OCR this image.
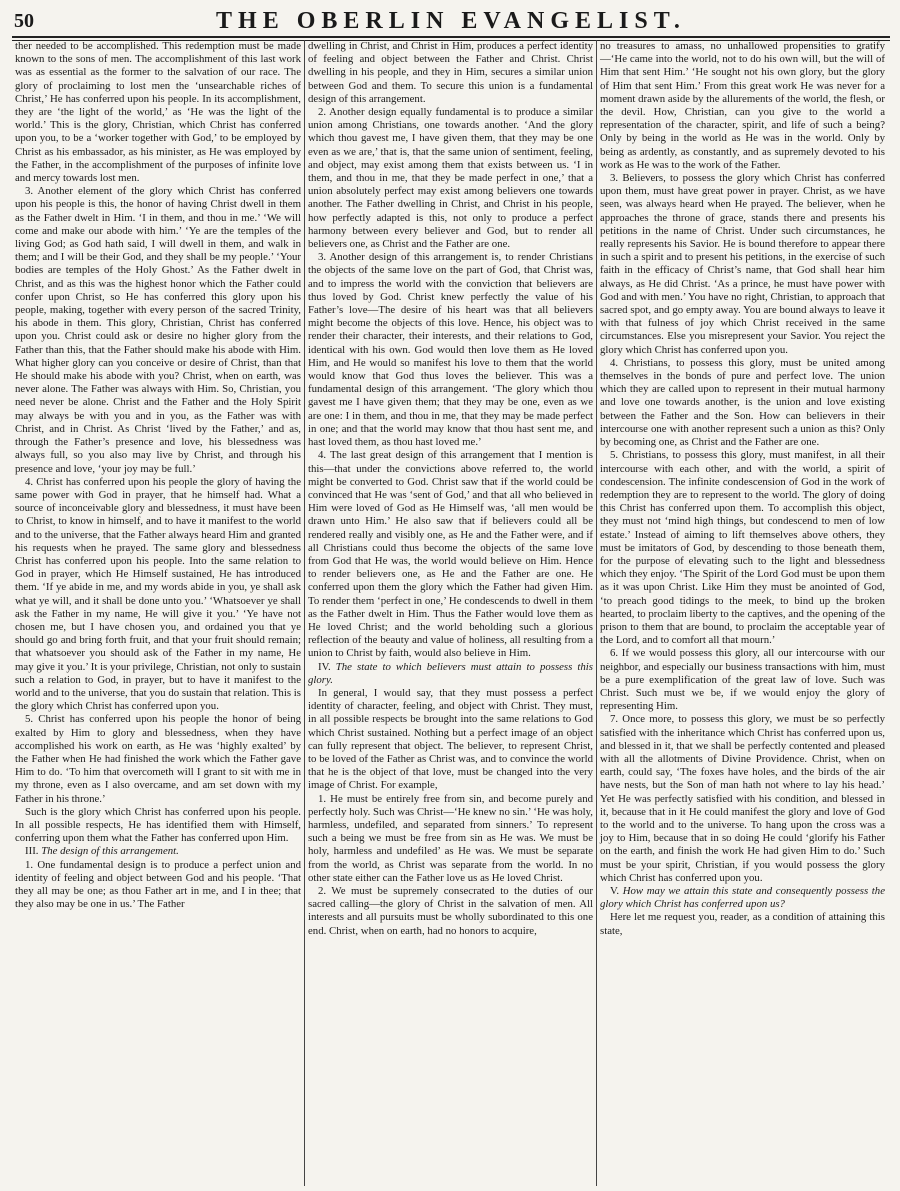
50	THE OBERLIN EVANGELIST.

ther needed to be accomplished. This redemption must be made known to the sons of men. The accomplishment of this last work was as essential as the former to the salvation of our race. The glory of proclaiming to lost men the ‘unsearchable riches of Christ,’ He has conferred upon his people. In its accomplishment, they are ‘the light of the world,’ as ‘He was the light of the world.’ This is the glory, Christian, which Christ has conferred upon you, to be a ‘worker together with God,’ to be employed by Christ as his embassador, as his minister, as He was employed by the Father, in the accomplishment of the purposes of infinite love and mercy towards lost men.

3. Another element of the glory which Christ has conferred upon his people is this, the honor of having Christ dwell in them as the Father dwelt in Him. ‘I in them, and thou in me.’ ‘We will come and make our abode with him.’ ‘Ye are the temples of the living God; as God hath said, I will dwell in them, and walk in them; and I will be their God, and they shall be my people.’ ‘Your bodies are temples of the Holy Ghost.’ As the Father dwelt in Christ, and as this was the highest honor which the Father could confer upon Christ, so He has conferred this glory upon his people, making, together with every person of the sacred Trinity, his abode in them. This glory, Christian, Christ has conferred upon you. Christ could ask or desire no higher glory from the Father than this, that the Father should make his abode with Him. What higher glory can you conceive or desire of Christ, than that He should make his abode with you? Christ, when on earth, was never alone. The Father was always with Him. So, Christian, you need never be alone. Christ and the Father and the Holy Spirit may always be with you and in you, as the Father was with Christ, and in Christ. As Christ ‘lived by the Father,’ and as, through the Father’s presence and love, his blessedness was always full, so you also may live by Christ, and through his presence and love, ‘your joy may be full.’

4. Christ has conferred upon his people the glory of having the same power with God in prayer, that he himself had. What a source of inconceivable glory and blessedness, it must have been to Christ, to know in himself, and to have it manifest to the world and to the universe, that the Father always heard Him and granted his requests when he prayed. The same glory and blessedness Christ has conferred upon his people. Into the same relation to God in prayer, which He Himself sustained, He has introduced them. ‘If ye abide in me, and my words abide in you, ye shall ask what ye will, and it shall be done unto you.’ ‘Whatsoever ye shall ask the Father in my name, He will give it you.’ ‘Ye have not chosen me, but I have chosen you, and ordained you that ye should go and bring forth fruit, and that your fruit should remain; that whatsoever you should ask of the Father in my name, He may give it you.’ It is your privilege, Christian, not only to sustain such a relation to God, in prayer, but to have it manifest to the world and to the universe, that you do sustain that relation. This is the glory which Christ has conferred upon you.

5. Christ has conferred upon his people the honor of being exalted by Him to glory and blessedness, when they have accomplished his work on earth, as He was ‘highly exalted’ by the Father when He had finished the work which the Father gave Him to do. ‘To him that overcometh will I grant to sit with me in my throne, even as I also overcame, and am set down with my Father in his throne.’

Such is the glory which Christ has conferred upon his people. In all possible respects, He has identified them with Himself, conferring upon them what the Father has conferred upon Him.

III. The design of this arrangement.

1. One fundamental design is to produce a perfect union and identity of feeling and object between God and his people. ‘That they all may be one; as thou Father art in me, and I in thee; that they also may be one in us.’ The Father

dwelling in Christ, and Christ in Him, produces a perfect identity of feeling and object between the Father and Christ. Christ dwelling in his people, and they in Him, secures a similar union between God and them. To secure this union is a fundamental design of this arrangement.

2. Another design equally fundamental is to produce a similar union among Christians, one towards another. ‘And the glory which thou gavest me, I have given them, that they may be one even as we are,’ that is, that the same union of sentiment, feeling, and object, may exist among them that exists between us. ‘I in them, and thou in me, that they be made perfect in one,’ that a union absolutely perfect may exist among believers one towards another. The Father dwelling in Christ, and Christ in his people, how perfectly adapted is this, not only to produce a perfect harmony between every believer and God, but to render all believers one, as Christ and the Father are one.

3. Another design of this arrangement is, to render Christians the objects of the same love on the part of God, that Christ was, and to impress the world with the conviction that believers are thus loved by God. Christ knew perfectly the value of his Father’s love—The desire of his heart was that all believers might become the objects of this love. Hence, his object was to render their character, their interests, and their relations to God, identical with his own. God would then love them as He loved Him, and He would so manifest his love to them that the world would know that God thus loves the believer. This was a fundamental design of this arrangement. ‘The glory which thou gavest me I have given them; that they may be one, even as we are one: I in them, and thou in me, that they may be made perfect in one; and that the world may know that thou hast sent me, and hast loved them, as thou hast loved me.’

4. The last great design of this arrangement that I mention is this—that under the convictions above referred to, the world might be converted to God. Christ saw that if the world could be convinced that He was ‘sent of God,’ and that all who believed in Him were loved of God as He Himself was, ‘all men would be drawn unto Him.’ He also saw that if believers could all be rendered really and visibly one, as He and the Father were, and if all Christians could thus become the objects of the same love from God that He was, the world would believe on Him. Hence to render believers one, as He and the Father are one. He conferred upon them the glory which the Father had given Him. To render them ‘perfect in one,’ He condescends to dwell in them as the Father dwelt in Him. Thus the Father would love them as He loved Christ; and the world beholding such a glorious reflection of the beauty and value of holiness, all resulting from a union to Christ by faith, would also believe in Him.

IV. The state to which believers must attain to possess this glory.

In general, I would say, that they must possess a perfect identity of character, feeling, and object with Christ. They must, in all possible respects be brought into the same relations to God which Christ sustained. Nothing but a perfect image of an object can fully represent that object. The believer, to represent Christ, to be loved of the Father as Christ was, and to convince the world that he is the object of that love, must be changed into the very image of Christ. For example,

1. He must be entirely free from sin, and become purely and perfectly holy. Such was Christ—‘He knew no sin.’ ‘He was holy, harmless, undefiled, and separated from sinners.’ To represent such a being we must be free from sin as He was. We must be holy, harmless and undefiled’ as He was. We must be separate from the world, as Christ was separate from the world. In no other state either can the Father love us as He loved Christ.

2. We must be supremely consecrated to the duties of our sacred calling—the glory of Christ in the salvation of men. All interests and all pursuits must be wholly subordinated to this one end. Christ, when on earth, had no honors to acquire,

no treasures to amass, no unhallowed propensities to gratify—‘He came into the world, not to do his own will, but the will of Him that sent Him.’ ‘He sought not his own glory, but the glory of Him that sent Him.’ From this great work He was never for a moment drawn aside by the allurements of the world, the flesh, or the devil. How, Christian, can you give to the world a representation of the character, spirit, and life of such a being? Only by being in the world as He was in the world. Only by being as ardently, as constantly, and as supremely devoted to his work as He was to the work of the Father.

3. Believers, to possess the glory which Christ has conferred upon them, must have great power in prayer. Christ, as we have seen, was always heard when He prayed. The believer, when he approaches the throne of grace, stands there and presents his petitions in the name of Christ. Under such circumstances, he really represents his Savior. He is bound therefore to appear there in such a spirit and to present his petitions, in the exercise of such faith in the efficacy of Christ’s name, that God shall hear him always, as He did Christ. ‘As a prince, he must have power with God and with men.’ You have no right, Christian, to approach that sacred spot, and go empty away. You are bound always to leave it with that fulness of joy which Christ received in the same circumstances. Else you misrepresent your Savior. You reject the glory which Christ has conferred upon you.

4. Christians, to possess this glory, must be united among themselves in the bonds of pure and perfect love. The union which they are called upon to represent in their mutual harmony and love one towards another, is the union and love existing between the Father and the Son. How can believers in their intercourse one with another represent such a union as this? Only by becoming one, as Christ and the Father are one.

5. Christians, to possess this glory, must manifest, in all their intercourse with each other, and with the world, a spirit of condescension. The infinite condescension of God in the work of redemption they are to represent to the world. The glory of doing this Christ has conferred upon them. To accomplish this object, they must not ‘mind high things, but condescend to men of low estate.’ Instead of aiming to lift themselves above others, they must be imitators of God, by descending to those beneath them, for the purpose of elevating such to the light and blessedness which they enjoy. ‘The Spirit of the Lord God must be upon them as it was upon Christ. Like Him they must be anointed of God, ‘to preach good tidings to the meek, to bind up the broken hearted, to proclaim liberty to the captives, and the opening of the prison to them that are bound, to proclaim the acceptable year of the Lord, and to comfort all that mourn.’

6. If we would possess this glory, all our intercourse with our neighbor, and especially our business transactions with him, must be a pure exemplification of the great law of love. Such was Christ. Such must we be, if we would enjoy the glory of representing Him.

7. Once more, to possess this glory, we must be so perfectly satisfied with the inheritance which Christ has conferred upon us, and blessed in it, that we shall be perfectly contented and pleased with all the allotments of Divine Providence. Christ, when on earth, could say, ‘The foxes have holes, and the birds of the air have nests, but the Son of man hath not where to lay his head.’ Yet He was perfectly satisfied with his condition, and blessed in it, because that in it He could manifest the glory and love of God to the world and to the universe. To hang upon the cross was a joy to Him, because that in so doing He could ‘glorify his Father on the earth, and finish the work He had given Him to do.’ Such must be your spirit, Christian, if you would possess the glory which Christ has conferred upon you.

V. How may we attain this state and consequently possess the glory which Christ has conferred upon us?

Here let me request you, reader, as a condition of attaining this state,
